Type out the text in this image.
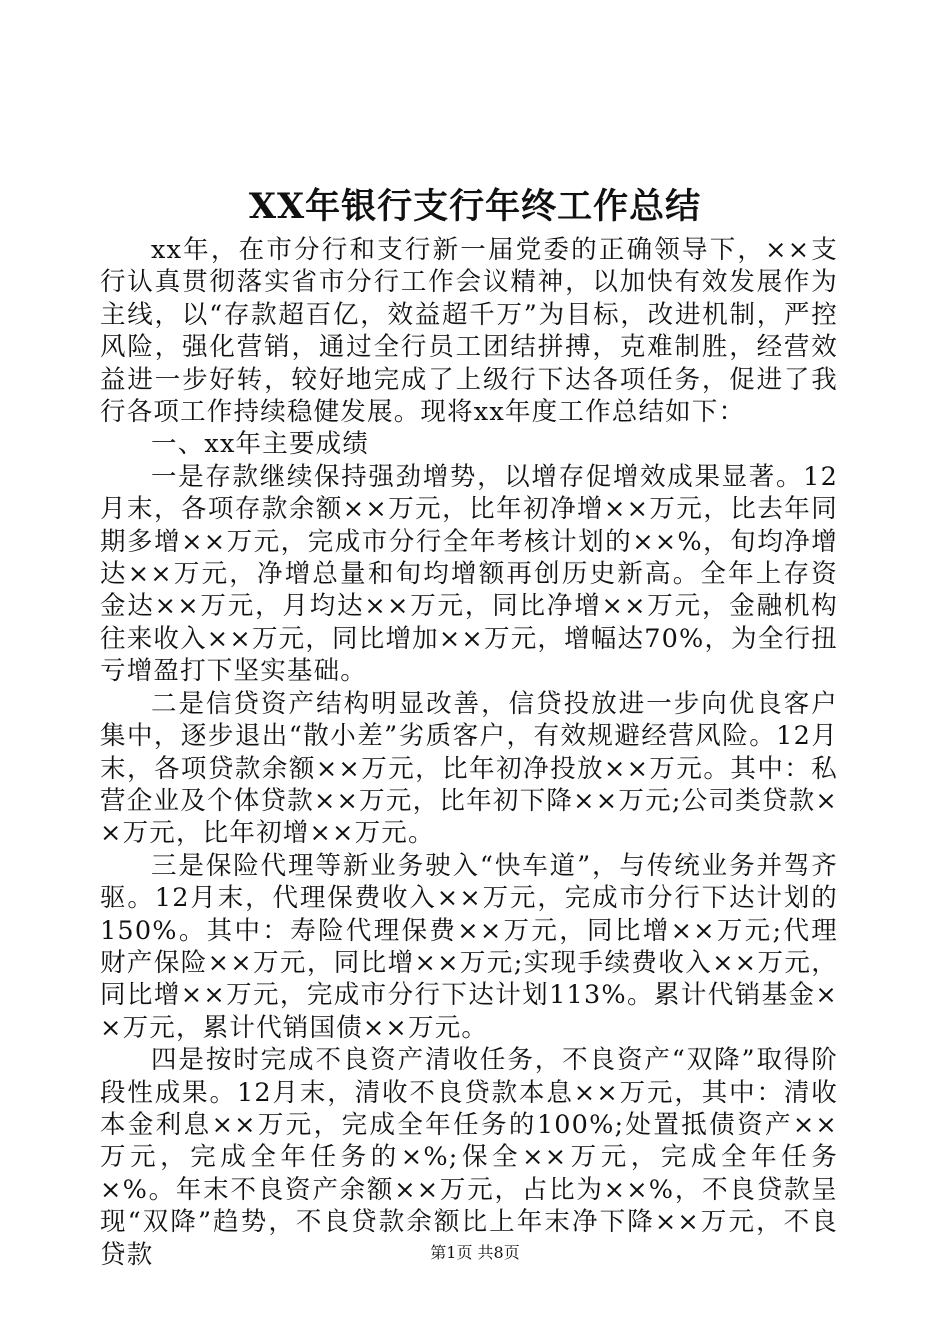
XX年银行支行年终工作总结

xx年，在市分行和支行新一届党委的正确领导下，××支行认真贯彻落实省市分行工作会议精神，以加快有效发展作为主线，以“存款超百亿，效益超千万”为目标，改进机制，严控风险，强化营销，通过全行员工团结拼搏，克难制胜，经营效益进一步好转，较好地完成了上级行下达各项任务，促进了我行各项工作持续稳健发展。现将xx年度工作总结如下：

一、xx年主要成绩

一是存款继续保持强劲增势，以增存促增效成果显著。12月末，各项存款余额××万元，比年初净增××万元，比去年同期多增××万元，完成市分行全年考核计划的××%，旬均净增达××万元，净增总量和旬均增额再创历史新高。全年上存资金达××万元，月均达××万元，同比净增××万元，金融机构往来收入××万元，同比增加××万元，增幅达70%，为全行扭亏增盈打下坚实基础。

二是信贷资产结构明显改善，信贷投放进一步向优良客户集中，逐步退出“散小差”劣质客户，有效规避经营风险。12月末，各项贷款余额××万元，比年初净投放××万元。其中：私营企业及个体贷款××万元，比年初下降××万元;公司类贷款××万元，比年初增××万元。

三是保险代理等新业务驶入“快车道”，与传统业务并驾齐驱。12月末，代理保费收入××万元，完成市分行下达计划的150%。其中：寿险代理保费××万元，同比增××万元;代理财产保险××万元，同比增××万元;实现手续费收入××万元，同比增××万元，完成市分行下达计划113%。累计代销基金××万元，累计代销国债××万元。

四是按时完成不良资产清收任务，不良资产“双降”取得阶段性成果。12月末，清收不良贷款本息××万元，其中：清收本金利息××万元，完成全年任务的100%;处置抵债资产××万元，完成全年任务的×%;保全××万元，完成全年任务×%。年末不良资产余额××万元，占比为××%，不良贷款呈现“双降”趋势，不良贷款余额比上年末净下降××万元，不良贷款	第1页 共8页
